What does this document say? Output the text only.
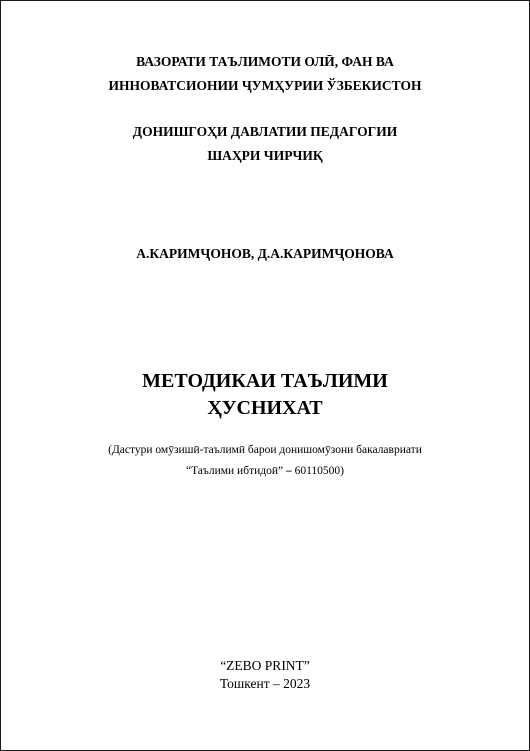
ВАЗОРАТИ ТАЪЛИМОТИ ОЛӢ, ФАН ВА
ИННОВАТСИОНИИ ҶУМҲУРИИ ЎЗБЕКИСТОН
ДОНИШГОҲИ ДАВЛАТИИ ПЕДАГОГИИ
ШАҲРИ ЧИРЧИҚ
А.КАРИМҶОНОВ, Д.А.КАРИМҶОНОВА
МЕТОДИКАИ ТАЪЛИМИ
ҲУСНИХАТ
(Дастури омӯзишӣ-таълимӣ барои донишомӯзони бакалавриати
“Таълими ибтидоӣ” – 60110500)
“ZEBO PRINT”
Тошкент – 2023
